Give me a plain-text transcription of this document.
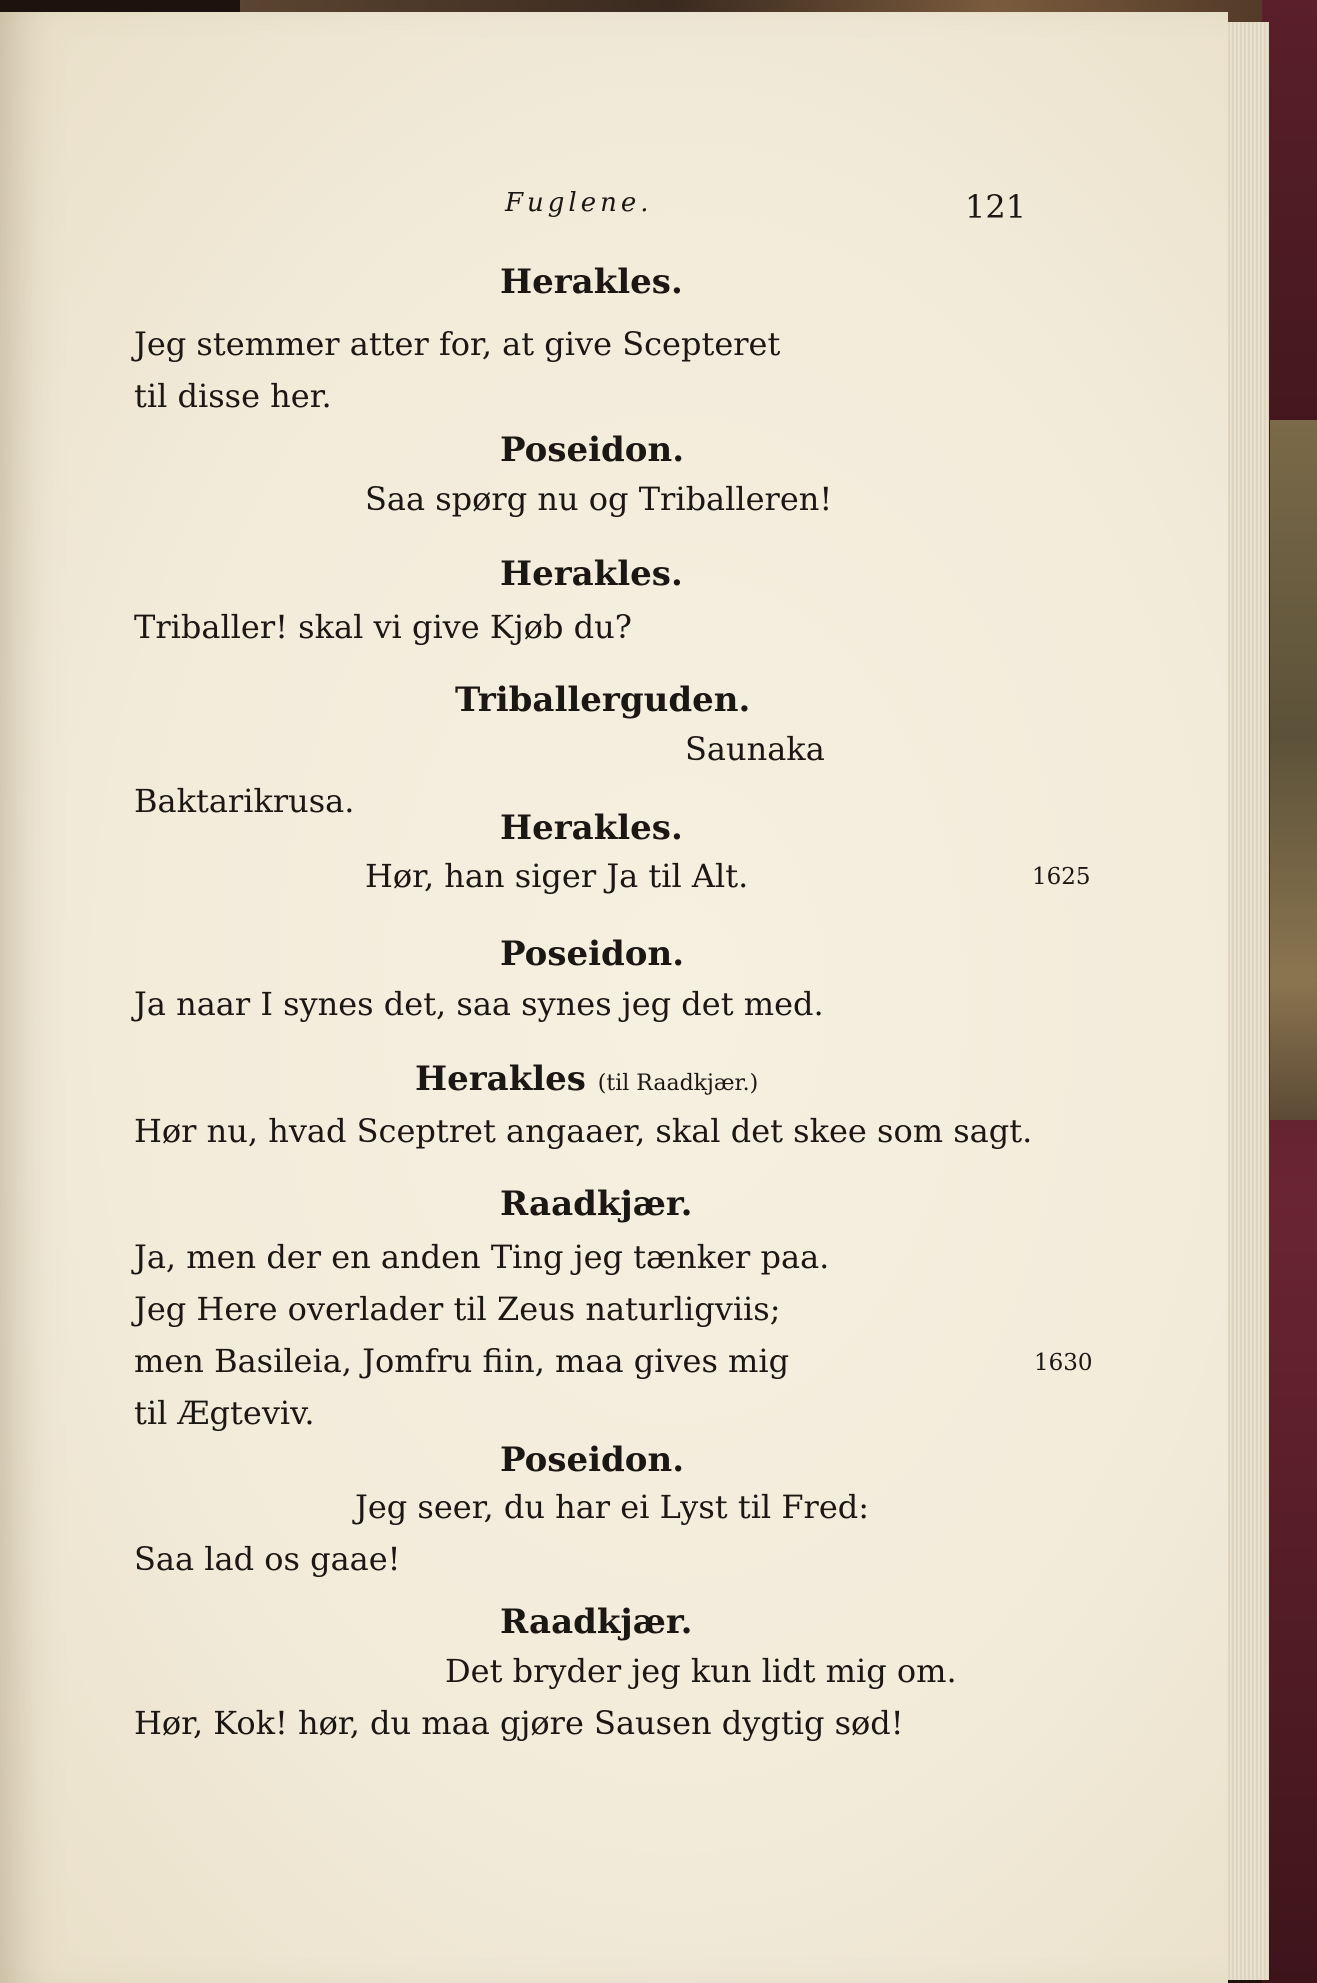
Fuglene.	121
Herakles.
Jeg stemmer atter for, at give Scepteret
til disse her.
Poseidon.
Saa spørg nu og Triballeren!
Herakles.
Triballer! skal vi give Kjøb du?
Triballerguden.
Saunaka
Baktarikrusa.
Herakles.
Hør, han siger Ja til Alt.	1625
Poseidon.
Ja naar I synes det, saa synes jeg det med.
Herakles (til Raadkjær.)
Hør nu, hvad Sceptret angaaer, skal det skee som sagt.
Raadkjær.
Ja, men der en anden Ting jeg tænker paa.
Jeg Here overlader til Zeus naturligviis;
men Basileia, Jomfru fiin, maa gives mig	1630
til Ægteviv.
Poseidon.
Jeg seer, du har ei Lyst til Fred:
Saa lad os gaae!
Raadkjær.
Det bryder jeg kun lidt mig om.
Hør, Kok! hør, du maa gjøre Sausen dygtig sød!
